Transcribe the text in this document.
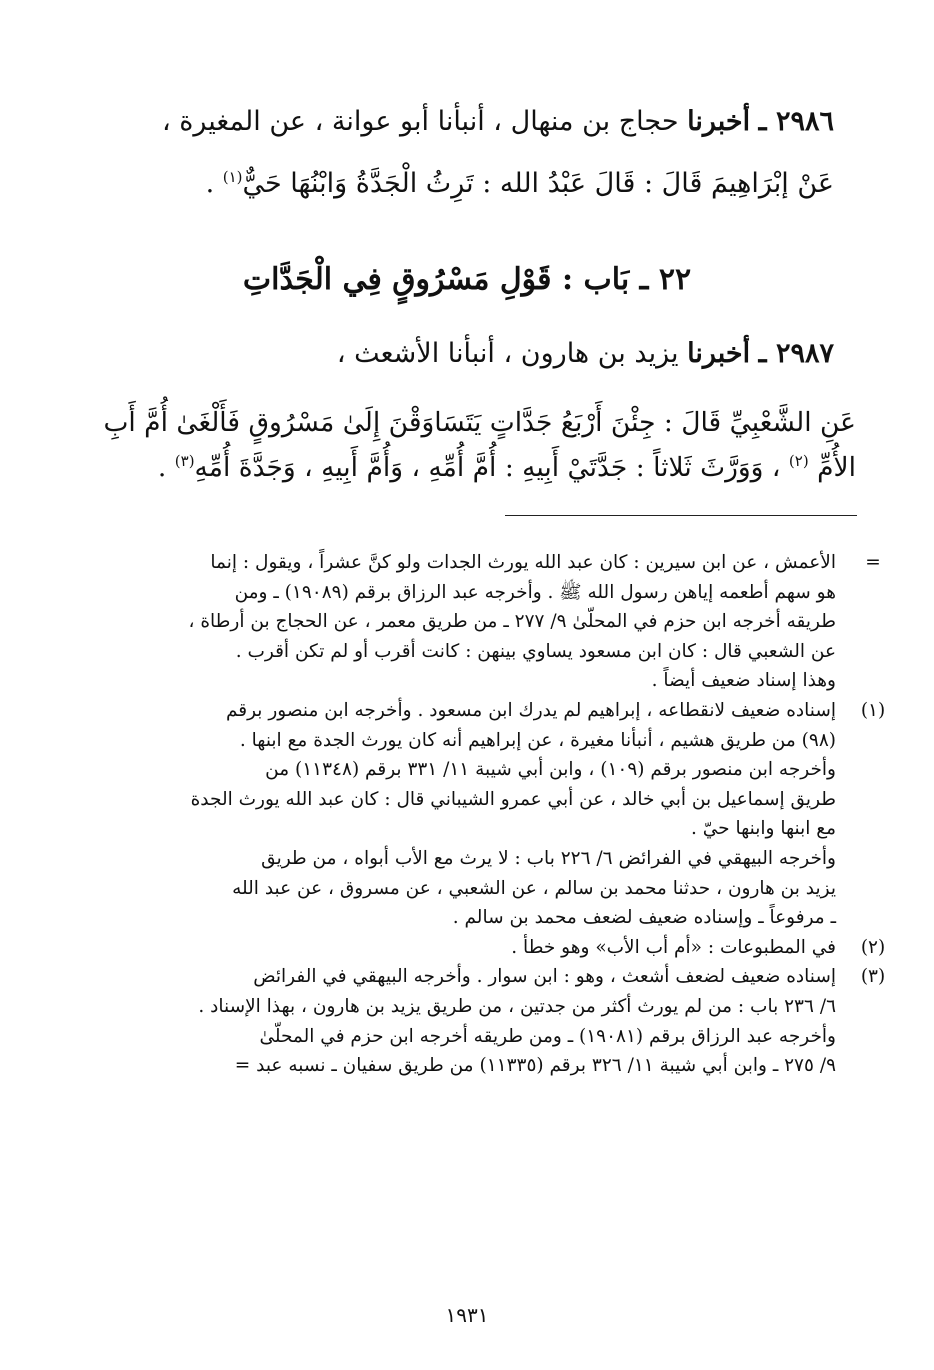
٢٩٨٦ ـ أخبرنا حجاج بن منهال ، أنبأنا أبو عوانة ، عن المغيرة ،
عَنْ إبْرَاهِيمَ قَالَ : قَالَ عَبْدُ الله : تَرِثُ الْجَدَّةُ وَابْنُهَا حَيٌّ$^{(١)}$ .
٢٢ ـ بَاب : قَوْلِ مَسْرُوقٍ فِي الْجَدَّاتِ
٢٩٨٧ ـ أخبرنا يزيد بن هارون ، أنبأنا الأشعث ،
عَنِ الشَّعْبِيِّ قَالَ : جِئْنَ أَرْبَعُ جَدَّاتٍ يَتَسَاوَقْنَ إِلَىٰ مَسْرُوقٍ فَأَلْغَىٰ أُمَّ أَبِ
الأُمِّ $^{(٢)}$ ، وَوَرَّثَ ثَلاثاً : جَدَّتَيْ أَبِيهِ : أُمَّ أُمِّهِ ، وَأُمَّ أَبِيهِ ، وَجَدَّةَ أُمِّهِ$^{(٣)}$ .
=

الأعمش ، عن ابن سيرين : كان عبد الله يورث الجدات ولو كنَّ عشراً ، ويقول : إنما

هو سهم أطعمه إياهن رسول الله ﷺ . وأخرجه عبد الرزاق برقم (١٩٠٨٩) ـ ومن

طريقه أخرجه ابن حزم في المحلّىٰ ٩/ ٢٧٧ ـ من طريق معمر ، عن الحجاج بن أرطاة ،

عن الشعبي قال : كان ابن مسعود يساوي بينهن : كانت أقرب أو لم تكن أقرب .

وهذا إسناد ضعيف أيضاً .

(١)

إسناده ضعيف لانقطاعه ، إبراهيم لم يدرك ابن مسعود . وأخرجه ابن منصور برقم

(٩٨) من طريق هشيم ، أنبأنا مغيرة ، عن إبراهيم أنه كان يورث الجدة مع ابنها .

وأخرجه ابن منصور برقم (١٠٩) ، وابن أبي شيبة ١١/ ٣٣١ برقم (١١٣٤٨) من

طريق إسماعيل بن أبي خالد ، عن أبي عمرو الشيباني قال : كان عبد الله يورث الجدة

مع ابنها وابنها حيّ .

وأخرجه البيهقي في الفرائض ٦/ ٢٢٦ باب : لا يرث مع الأب أبواه ، من طريق

يزيد بن هارون ، حدثنا محمد بن سالم ، عن الشعبي ، عن مسروق ، عن عبد الله

ـ مرفوعاً ـ وإسناده ضعيف لضعف محمد بن سالم .

(٢)

في المطبوعات : «أم أب الأب» وهو خطأ .

(٣)

إسناده ضعيف لضعف أشعث ، وهو : ابن سوار . وأخرجه البيهقي في الفرائض

٦/ ٢٣٦ باب : من لم يورث أكثر من جدتين ، من طريق يزيد بن هارون ، بهذا الإسناد .

وأخرجه عبد الرزاق برقم (١٩٠٨١) ـ ومن طريقه أخرجه ابن حزم في المحلّىٰ

٩/ ٢٧٥ ـ وابن أبي شيبة ١١/ ٣٢٦ برقم (١١٣٣٥) من طريق سفيان ـ نسبه عبد =

١٩٣١
